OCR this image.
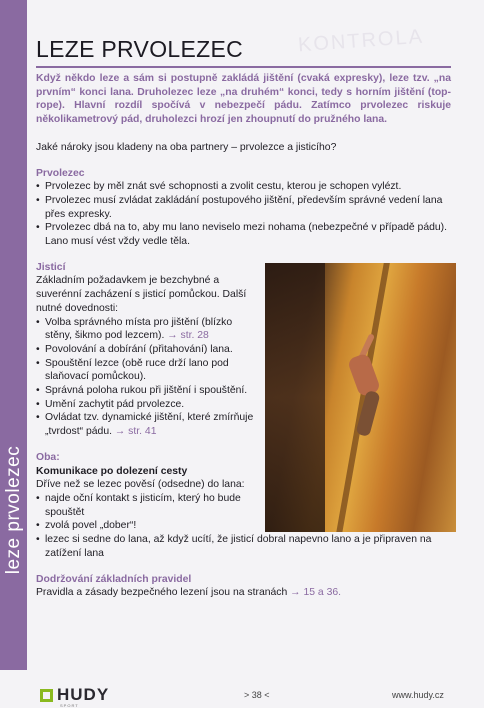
leze prvolezec
KONTROLA
LEZE PRVOLEZEC

Když někdo leze a sám si postupně zakládá jištění (cvaká expresky), leze tzv. „na prvním“ konci lana. Druholezec leze „na druhém“ konci, tedy s horním jištění (top-rope). Hlavní rozdíl spočívá v nebezpečí pádu. Zatímco prvolezec riskuje několikametrový pád, druholezci hrozí jen zhoupnutí do pružného lana.

Jaké nároky jsou kladeny na oba partnery – prvolezce a jisticího?

Prvolezec
• Prvolezec by měl znát své schopnosti a zvolit cestu, kterou je schopen vylézt.
• Prvolezec musí zvládat zakládání postupového jištění, především správné vedení lana přes expresky.
• Prvolezec dbá na to, aby mu lano neviselo mezi nohama (nebezpečné v případě pádu). Lano musí vést vždy vedle těla.
Jisticí

Základním požadavkem je bezchybné a suverénní zacházení s jisticí pomůckou. Další nutné dovednosti:

• Volba správného místa pro jištění (blízko stěny, šikmo pod lezcem). → str. 28
• Povolování a dobírání (přitahování) lana.
• Spouštění lezce (obě ruce drží lano pod slaňovací pomůckou).
• Správná poloha rukou při jištění i spouštění.
• Umění zachytit pád prvolezce.
• Ovládat tzv. dynamické jištění, které zmírňuje „tvrdost“ pádu. → str. 41
Oba:
Komunikace po dolezení cesty

Dříve než se lezec pověsí (odsedne) do lana:

• najde oční kontakt s jisticím, který ho bude spouštět
• zvolá povel „dober“!
• lezec si sedne do lana, až když ucítí, že jisticí dobral napevno lano a je připraven na zatížení lana
Dodržování základních pravidel

Pravidla a zásady bezpečného lezení jsou na stranách → 15 a 36.

HUDY
SPORT
> 38 <	www.hudy.cz
